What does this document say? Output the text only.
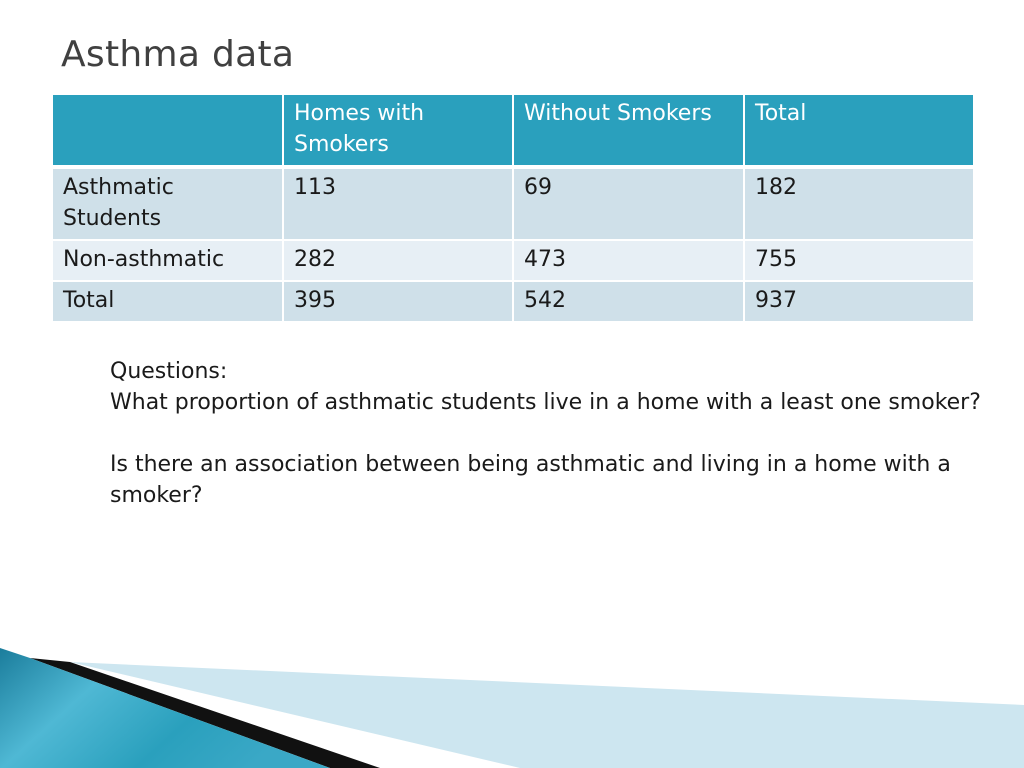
Asthma data
	Homes with Smokers	Without Smokers	Total
Asthmatic Students	113	69	182
Non-asthmatic	282	473	755
Total	395	542	937

Questions:

What proportion of asthmatic students live in a home with a least one smoker?

Is there an association between being asthmatic and living in a home with a smoker?
